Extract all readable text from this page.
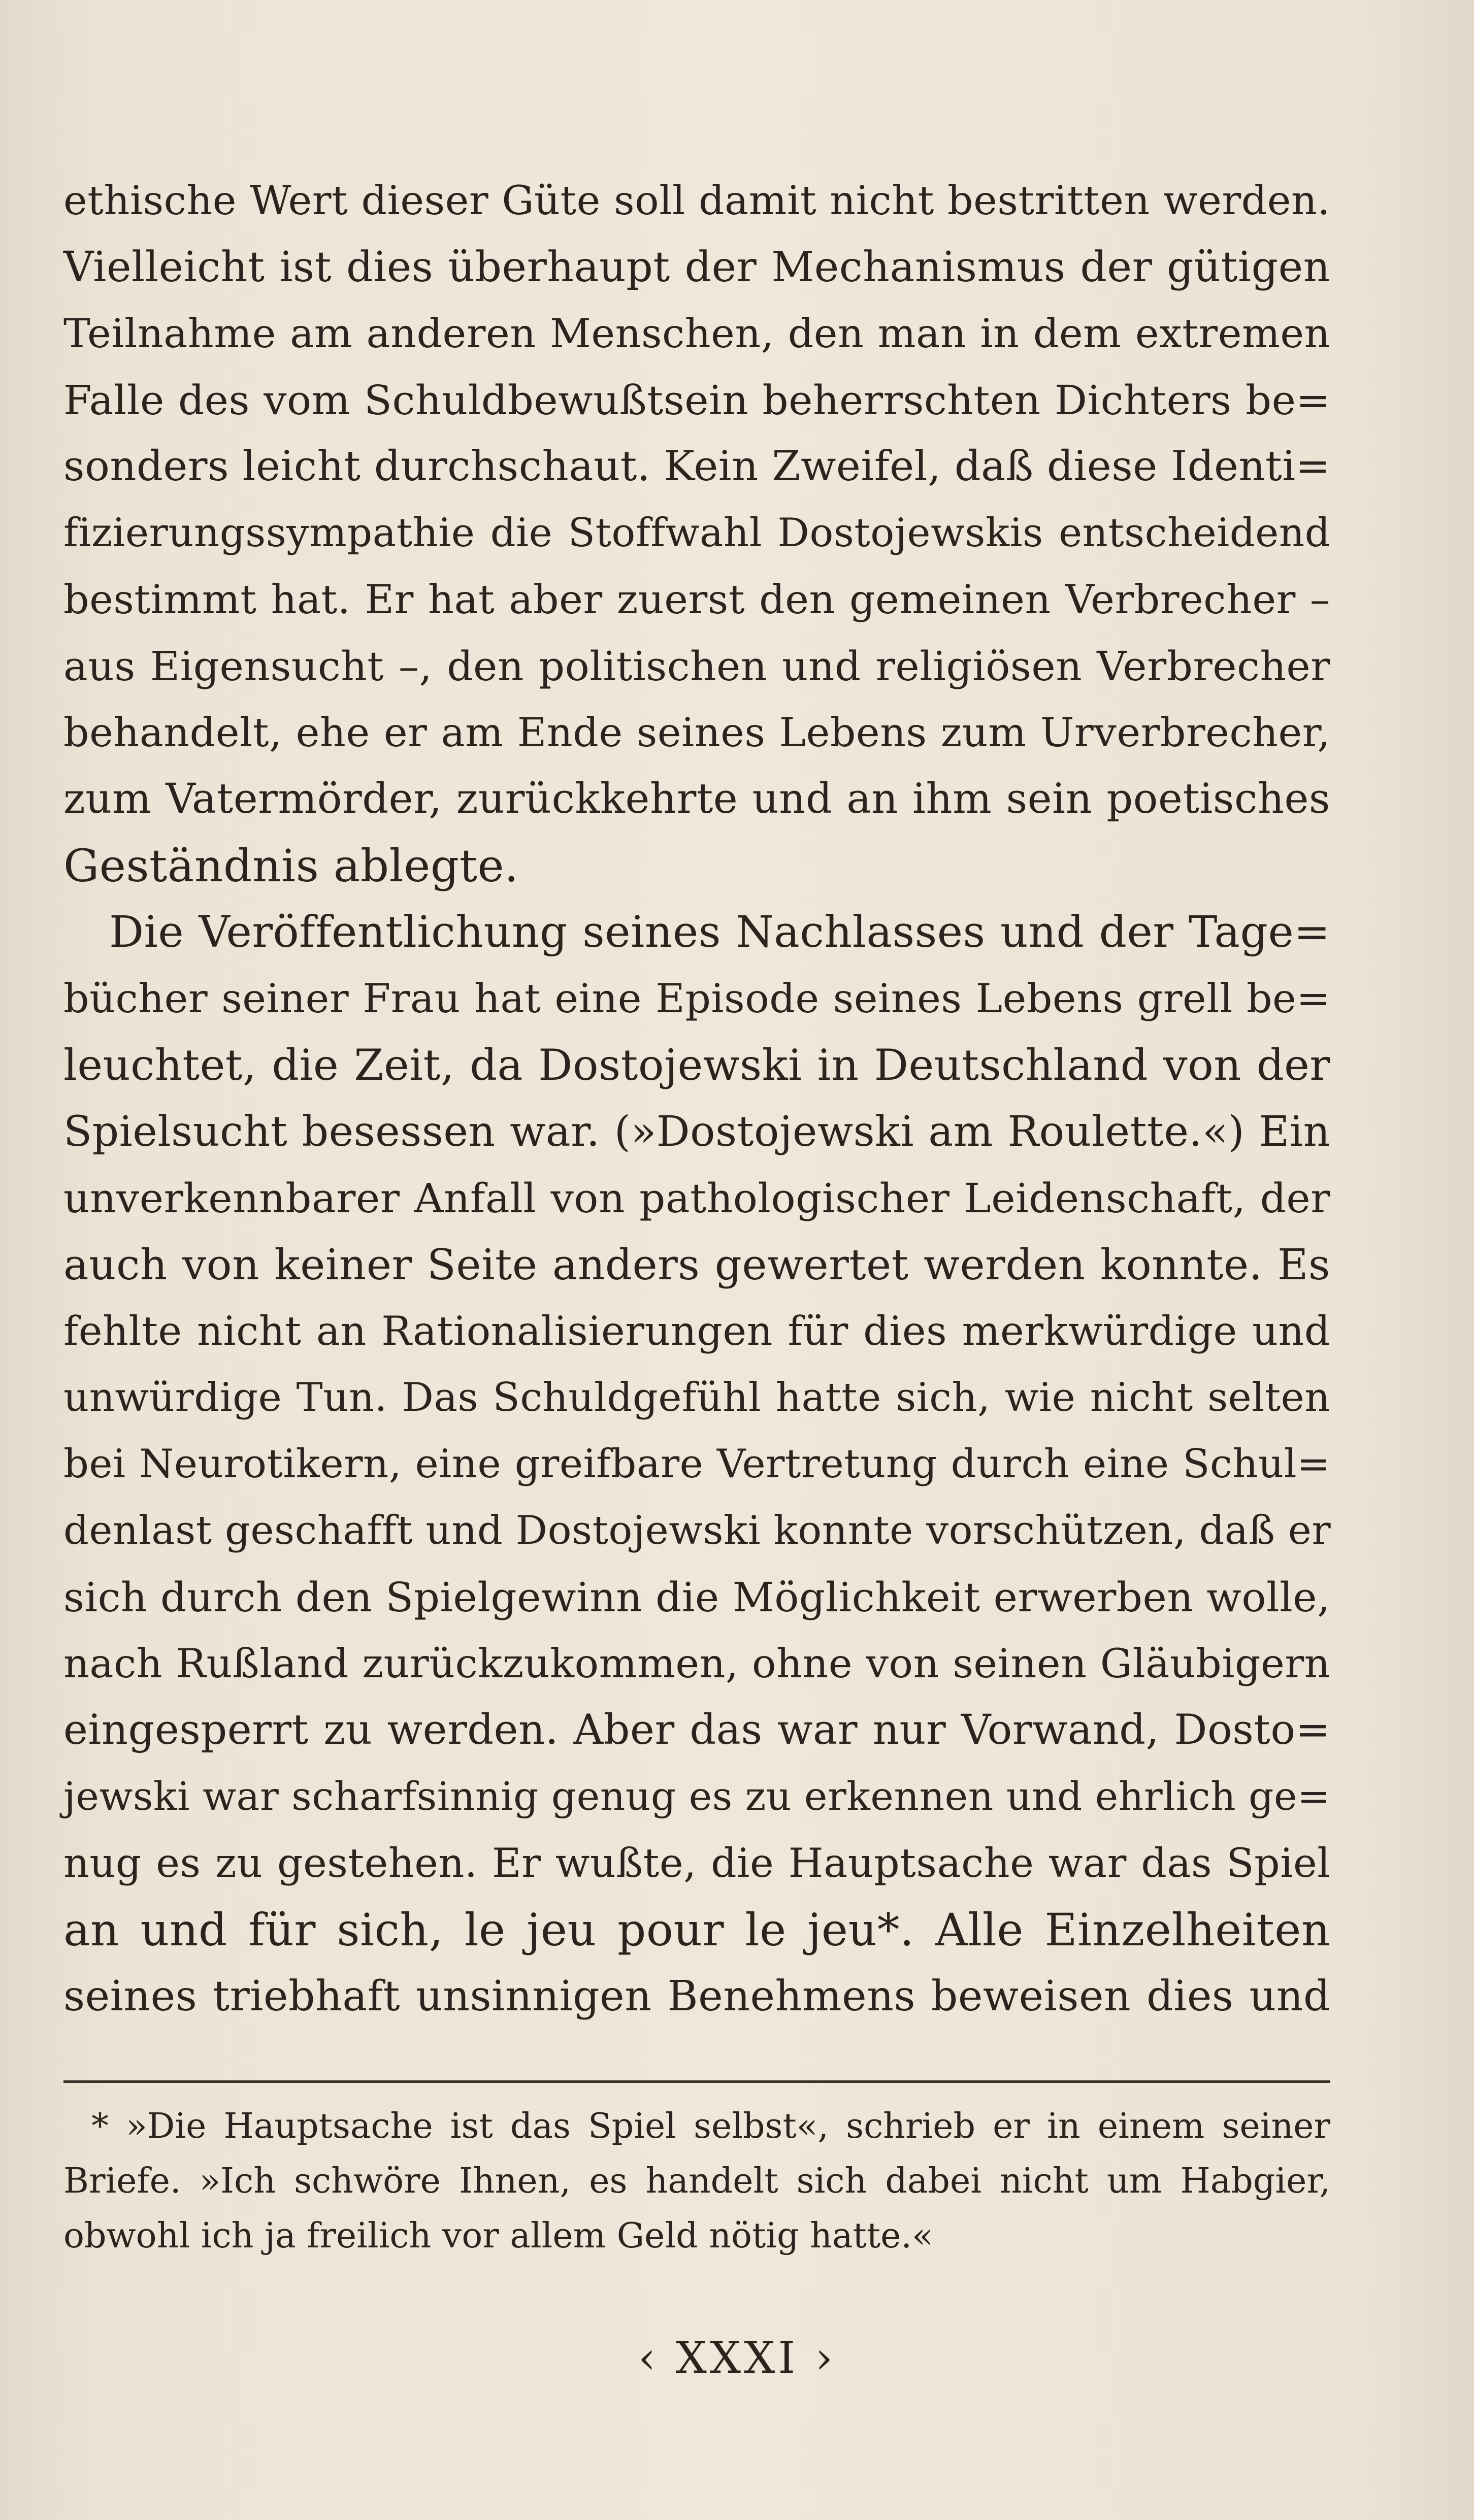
ethische Wert dieser Güte soll damit nicht bestritten werden.
Vielleicht ist dies überhaupt der Mechanismus der gütigen
Teilnahme am anderen Menschen, den man in dem extremen
Falle des vom Schuldbewußtsein beherrschten Dichters be=
sonders leicht durchschaut. Kein Zweifel, daß diese Identi=
fizierungssympathie die Stoffwahl Dostojewskis entscheidend
bestimmt hat. Er hat aber zuerst den gemeinen Verbrecher –
aus Eigensucht –, den politischen und religiösen Verbrecher
behandelt, ehe er am Ende seines Lebens zum Urverbrecher,
zum Vatermörder, zurückkehrte und an ihm sein poetisches
Geständnis ablegte.
Die Veröffentlichung seines Nachlasses und der Tage=
bücher seiner Frau hat eine Episode seines Lebens grell be=
leuchtet, die Zeit, da Dostojewski in Deutschland von der
Spielsucht besessen war. (»Dostojewski am Roulette.«) Ein
unverkennbarer Anfall von pathologischer Leidenschaft, der
auch von keiner Seite anders gewertet werden konnte. Es
fehlte nicht an Rationalisierungen für dies merkwürdige und
unwürdige Tun. Das Schuldgefühl hatte sich, wie nicht selten
bei Neurotikern, eine greifbare Vertretung durch eine Schul=
denlast geschafft und Dostojewski konnte vorschützen, daß er
sich durch den Spielgewinn die Möglichkeit erwerben wolle,
nach Rußland zurückzukommen, ohne von seinen Gläubigern
eingesperrt zu werden. Aber das war nur Vorwand, Dosto=
jewski war scharfsinnig genug es zu erkennen und ehrlich ge=
nug es zu gestehen. Er wußte, die Hauptsache war das Spiel
an und für sich, le jeu pour le jeu*. Alle Einzelheiten
seines triebhaft unsinnigen Benehmens beweisen dies und
* »Die Hauptsache ist das Spiel selbst«, schrieb er in einem seiner
Briefe. »Ich schwöre Ihnen, es handelt sich dabei nicht um Habgier,
obwohl ich ja freilich vor allem Geld nötig hatte.«
‹ XXXI ›
